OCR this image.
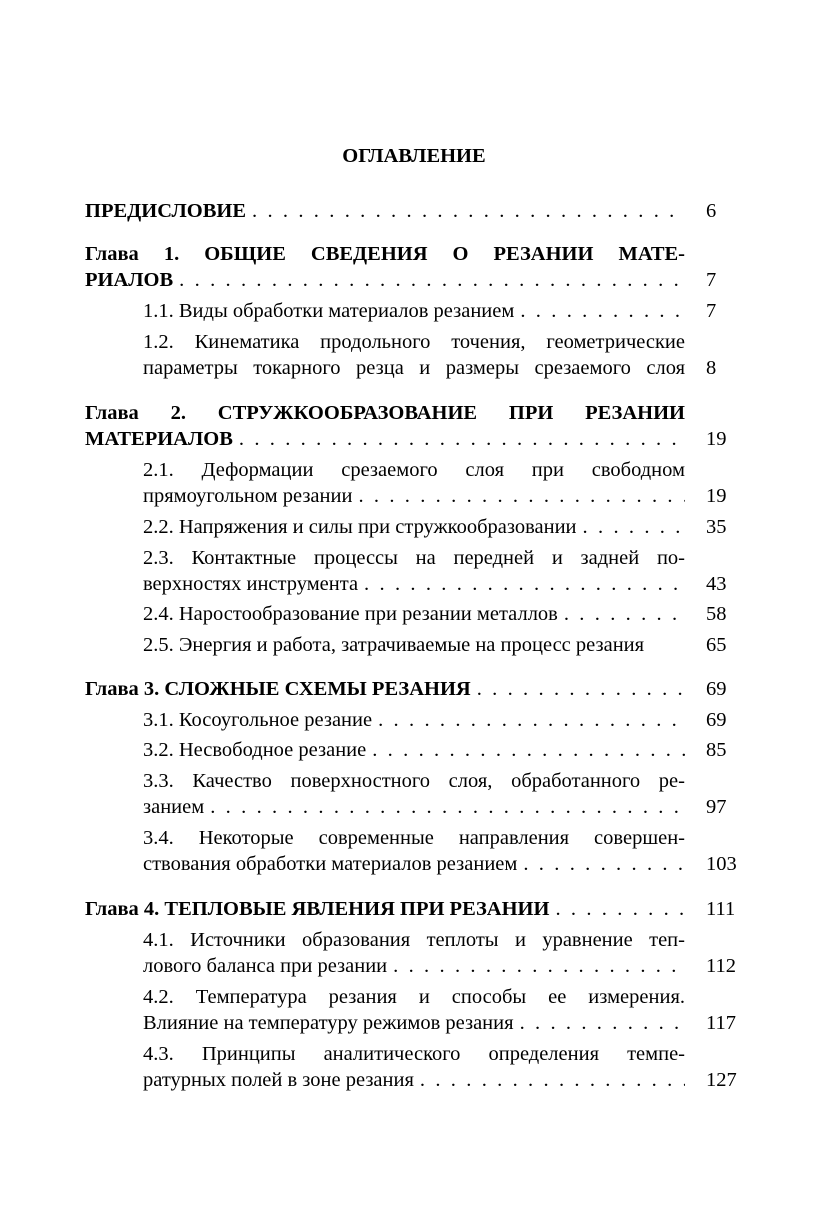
ОГЛАВЛЕНИЕ
ПРЕДИСЛОВИЕ . . .	6
Глава 1. ОБЩИЕ СВЕДЕНИЯ О РЕЗАНИИ МАТЕ-
РИАЛОВ . . .	7
1.1. Виды обработки материалов резанием . . .	7
1.2. Кинематика продольного точения, геометрические
параметры токарного резца и размеры срезаемого слоя 8
Глава 2. СТРУЖКООБРАЗОВАНИЕ ПРИ РЕЗАНИИ
МАТЕРИАЛОВ . . .	19
2.1. Деформации срезаемого слоя при свободном
прямоугольном резании . . .	19
2.2. Напряжения и силы при стружкообразовании . . .	35
2.3. Контактные процессы на передней и задней по-
верхностях инструмента . . .	43
2.4. Наростообразование при резании металлов . . .	58
2.5. Энергия и работа, затрачиваемые на процесс резания	65
Глава 3. СЛОЖНЫЕ СХЕМЫ РЕЗАНИЯ . . .	69
3.1. Косоугольное резание . . .	69
3.2. Несвободное резание . . .	85
3.3. Качество поверхностного слоя, обработанного ре-
занием . . .	97
3.4. Некоторые современные направления совершен-
ствования обработки материалов резанием . . .	103
Глава 4. ТЕПЛОВЫЕ ЯВЛЕНИЯ ПРИ РЕЗАНИИ . . .	111
4.1. Источники образования теплоты и уравнение теп-
лового баланса при резании . . .	112
4.2. Температура резания и способы ее измерения.
Влияние на температуру режимов резания . . .	117
4.3. Принципы аналитического определения темпе-
ратурных полей в зоне резания . . .	127
